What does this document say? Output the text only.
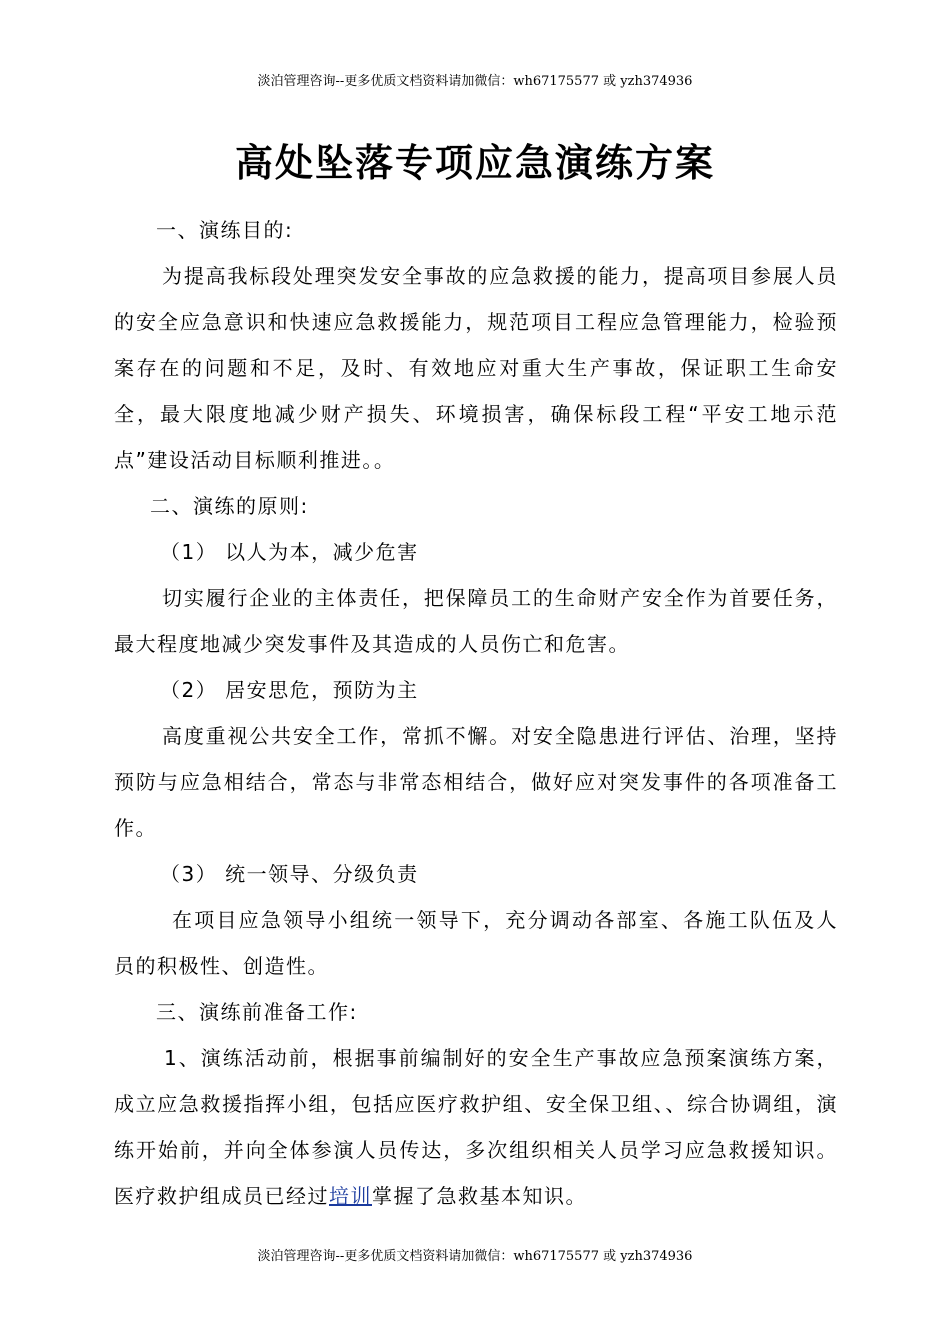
淡泊管理咨询--更多优质文档资料请加微信：wh67175577 或 yzh374936
高处坠落专项应急演练方案

一、演练目的:

为提高我标段处理突发安全事故的应急救援的能力，提高项目参展人员的安全应急意识和快速应急救援能力，规范项目工程应急管理能力，检验预案存在的问题和不足，及时、有效地应对重大生产事故，保证职工生命安全，最大限度地减少财产损失、环境损害，确保标段工程“平安工地示范点”建设活动目标顺利推进。。

二、演练的原则:

（1） 以人为本，减少危害

切实履行企业的主体责任，把保障员工的生命财产安全作为首要任务，最大程度地减少突发事件及其造成的人员伤亡和危害。

（2） 居安思危，预防为主

高度重视公共安全工作，常抓不懈。对安全隐患进行评估、治理，坚持预防与应急相结合，常态与非常态相结合，做好应对突发事件的各项准备工作。

（3） 统一领导、分级负责

在项目应急领导小组统一领导下，充分调动各部室、各施工队伍及人员的积极性、创造性。

三、演练前准备工作:

1、演练活动前，根据事前编制好的安全生产事故应急预案演练方案，成立应急救援指挥小组，包括应医疗救护组、安全保卫组、、综合协调组，演练开始前，并向全体参演人员传达，多次组织相关人员学习应急救援知识。医疗救护组成员已经过培训掌握了急救基本知识。

淡泊管理咨询--更多优质文档资料请加微信：wh67175577 或 yzh374936
